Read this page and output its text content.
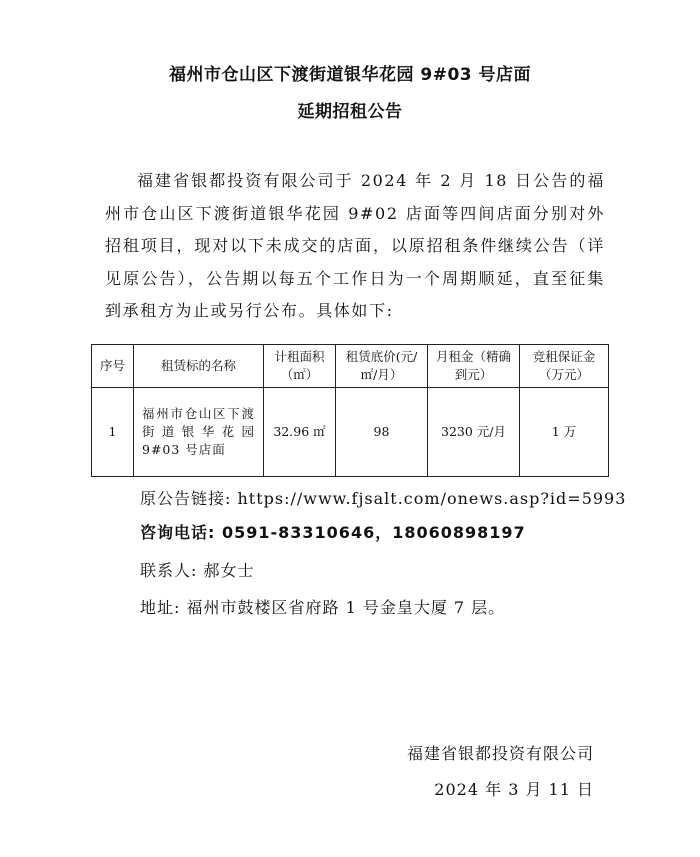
福州市仓山区下渡街道银华花园 9#03 号店面
延期招租公告

福建省银都投资有限公司于 2024 年 2 月 18 日公告的福州市仓山区下渡街道银华花园 9#02 店面等四间店面分别对外招租项目，现对以下未成交的店面，以原招租条件继续公告（详见原公告），公告期以每五个工作日为一个周期顺延，直至征集到承租方为止或另行公布。具体如下:

序号	租赁标的名称	计租面积（㎡）	租赁底价(元/㎡/月）	月租金（精确到元）	竞租保证金（万元）
1	福州市仓山区下渡街道银华花园 9#03 号店面	32.96 ㎡	98	3230 元/月	1 万
原公告链接: https://www.fjsalt.com/onews.asp?id=5993
咨询电话: 0591-83310646，18060898197
联系人: 郝女士
地址: 福州市鼓楼区省府路 1 号金皇大厦 7 层。
福建省银都投资有限公司
2024 年 3 月 11 日
